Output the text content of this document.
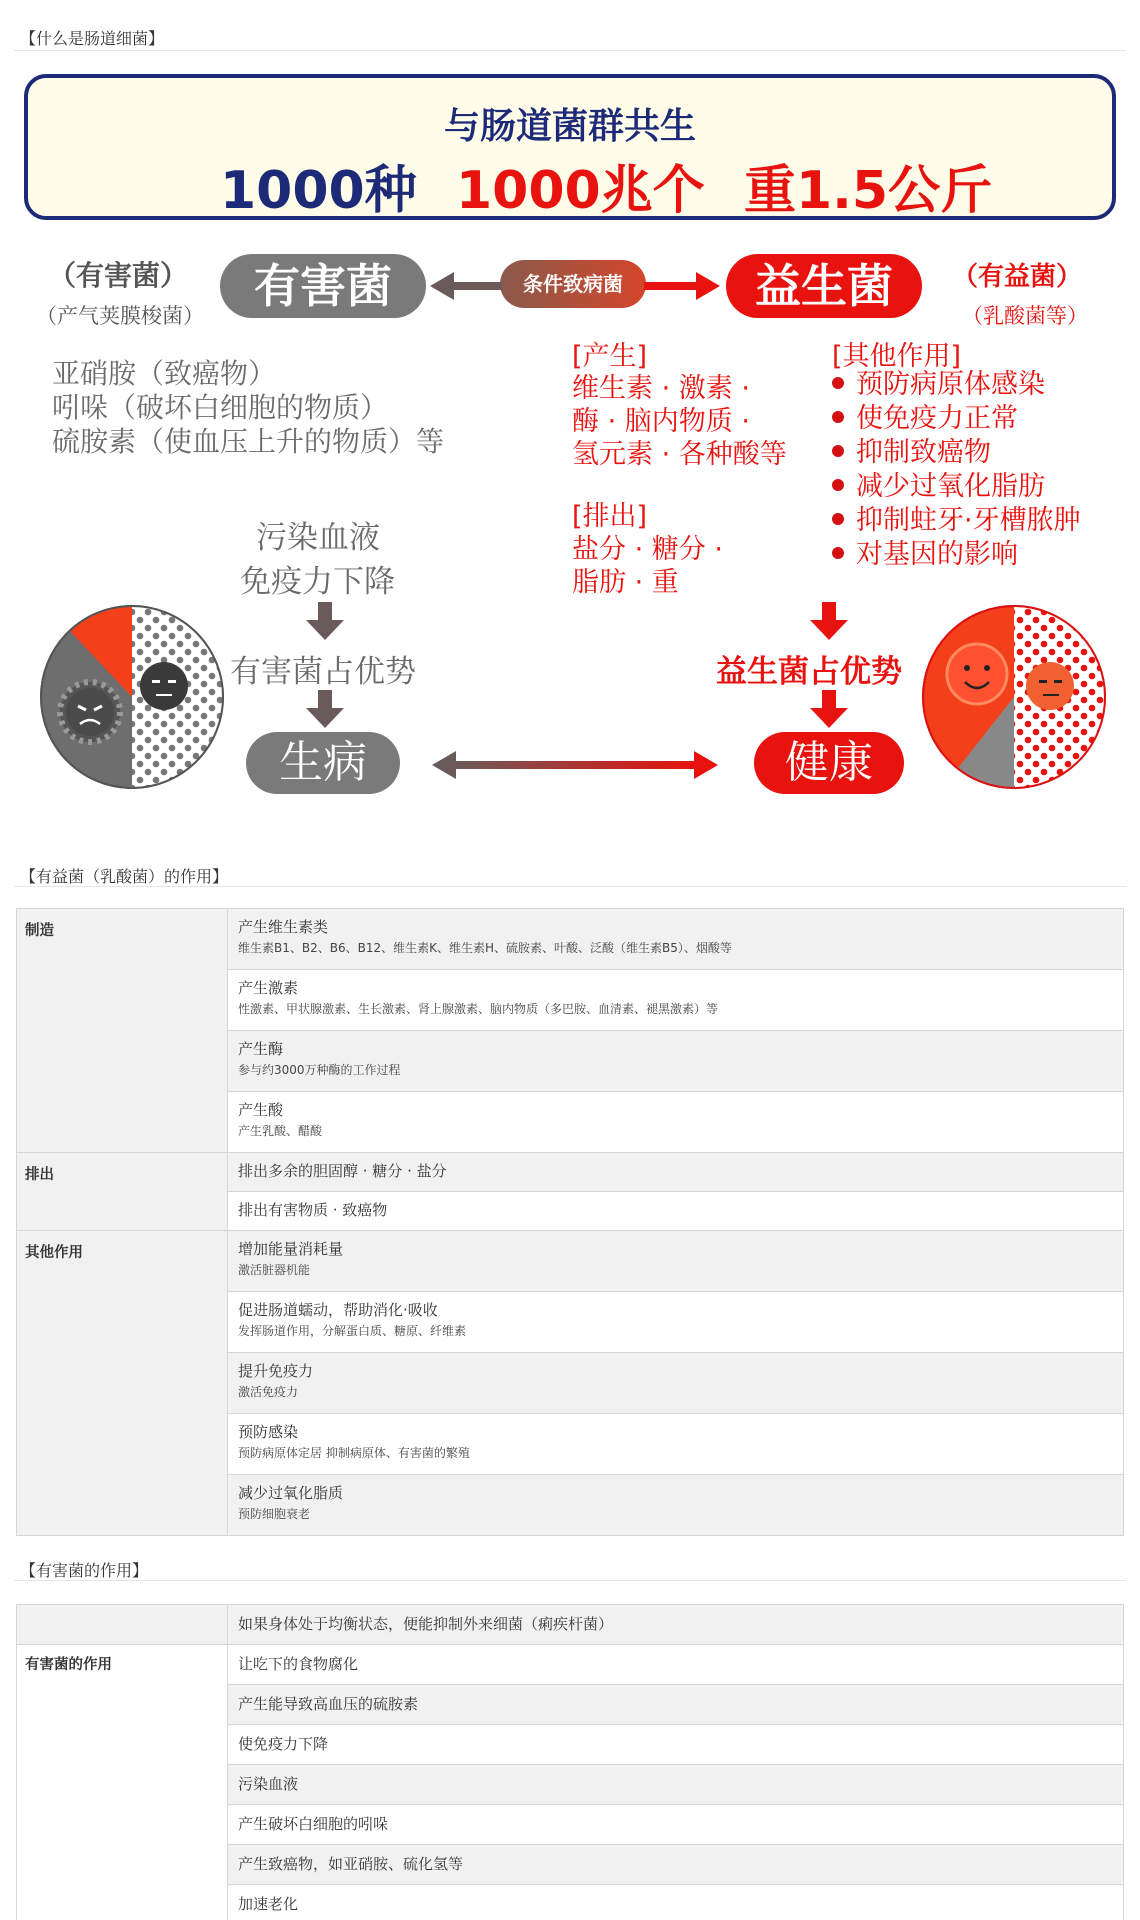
【什么是肠道细菌】
与肠道菌群共生
1000种 1000兆个 重1.5公斤
（有害菌）
（产气荚膜梭菌）
有害菌	条件致病菌	益生菌	（有益菌）
（乳酸菌等）
亚硝胺（致癌物）
吲哚（破坏白细胞的物质）
硫胺素（使血压上升的物质）等
[产生]
维生素 · 激素 ·
酶 · 脑内物质 ·
氢元素 · 各种酸等
[排出]
盐分 · 糖分 ·
脂肪 · 重
[其他作用]
预防病原体感染
使免疫力正常
抑制致癌物
减少过氧化脂肪
抑制蛀牙·牙槽脓肿
对基因的影响
污染血液
免疫力下降
有害菌占优势
生病
益生菌占优势
健康
【有益菌（乳酸菌）的作用】
制造	产生维生素类
维生素B1、B2、B6、B12、维生素K、维生素H、硫胺素、叶酸、泛酸（维生素B5）、烟酸等

	产生激素
性激素、甲状腺激素、生长激素、肾上腺激素、脑内物质（多巴胺、血清素、褪黑激素）等

	产生酶
参与约3000万种酶的工作过程

	产生酸
产生乳酸、醋酸

排出	排出多余的胆固醇 · 糖分 · 盐分

	排出有害物质 · 致癌物

其他作用	增加能量消耗量
激活脏器机能

	促进肠道蠕动，帮助消化·吸收
发挥肠道作用，分解蛋白质、糖原、纤维素

	提升免疫力
激活免疫力

	预防感染
预防病原体定居 抑制病原体、有害菌的繁殖

	减少过氧化脂质
预防细胞衰老
【有害菌的作用】
	如果身体处于均衡状态，便能抑制外来细菌（痢疾杆菌）
有害菌的作用	让吃下的食物腐化
	产生能导致高血压的硫胺素
	使免疫力下降
	污染血液
	产生破坏白细胞的吲哚
	产生致癌物，如亚硝胺、硫化氢等
	加速老化
